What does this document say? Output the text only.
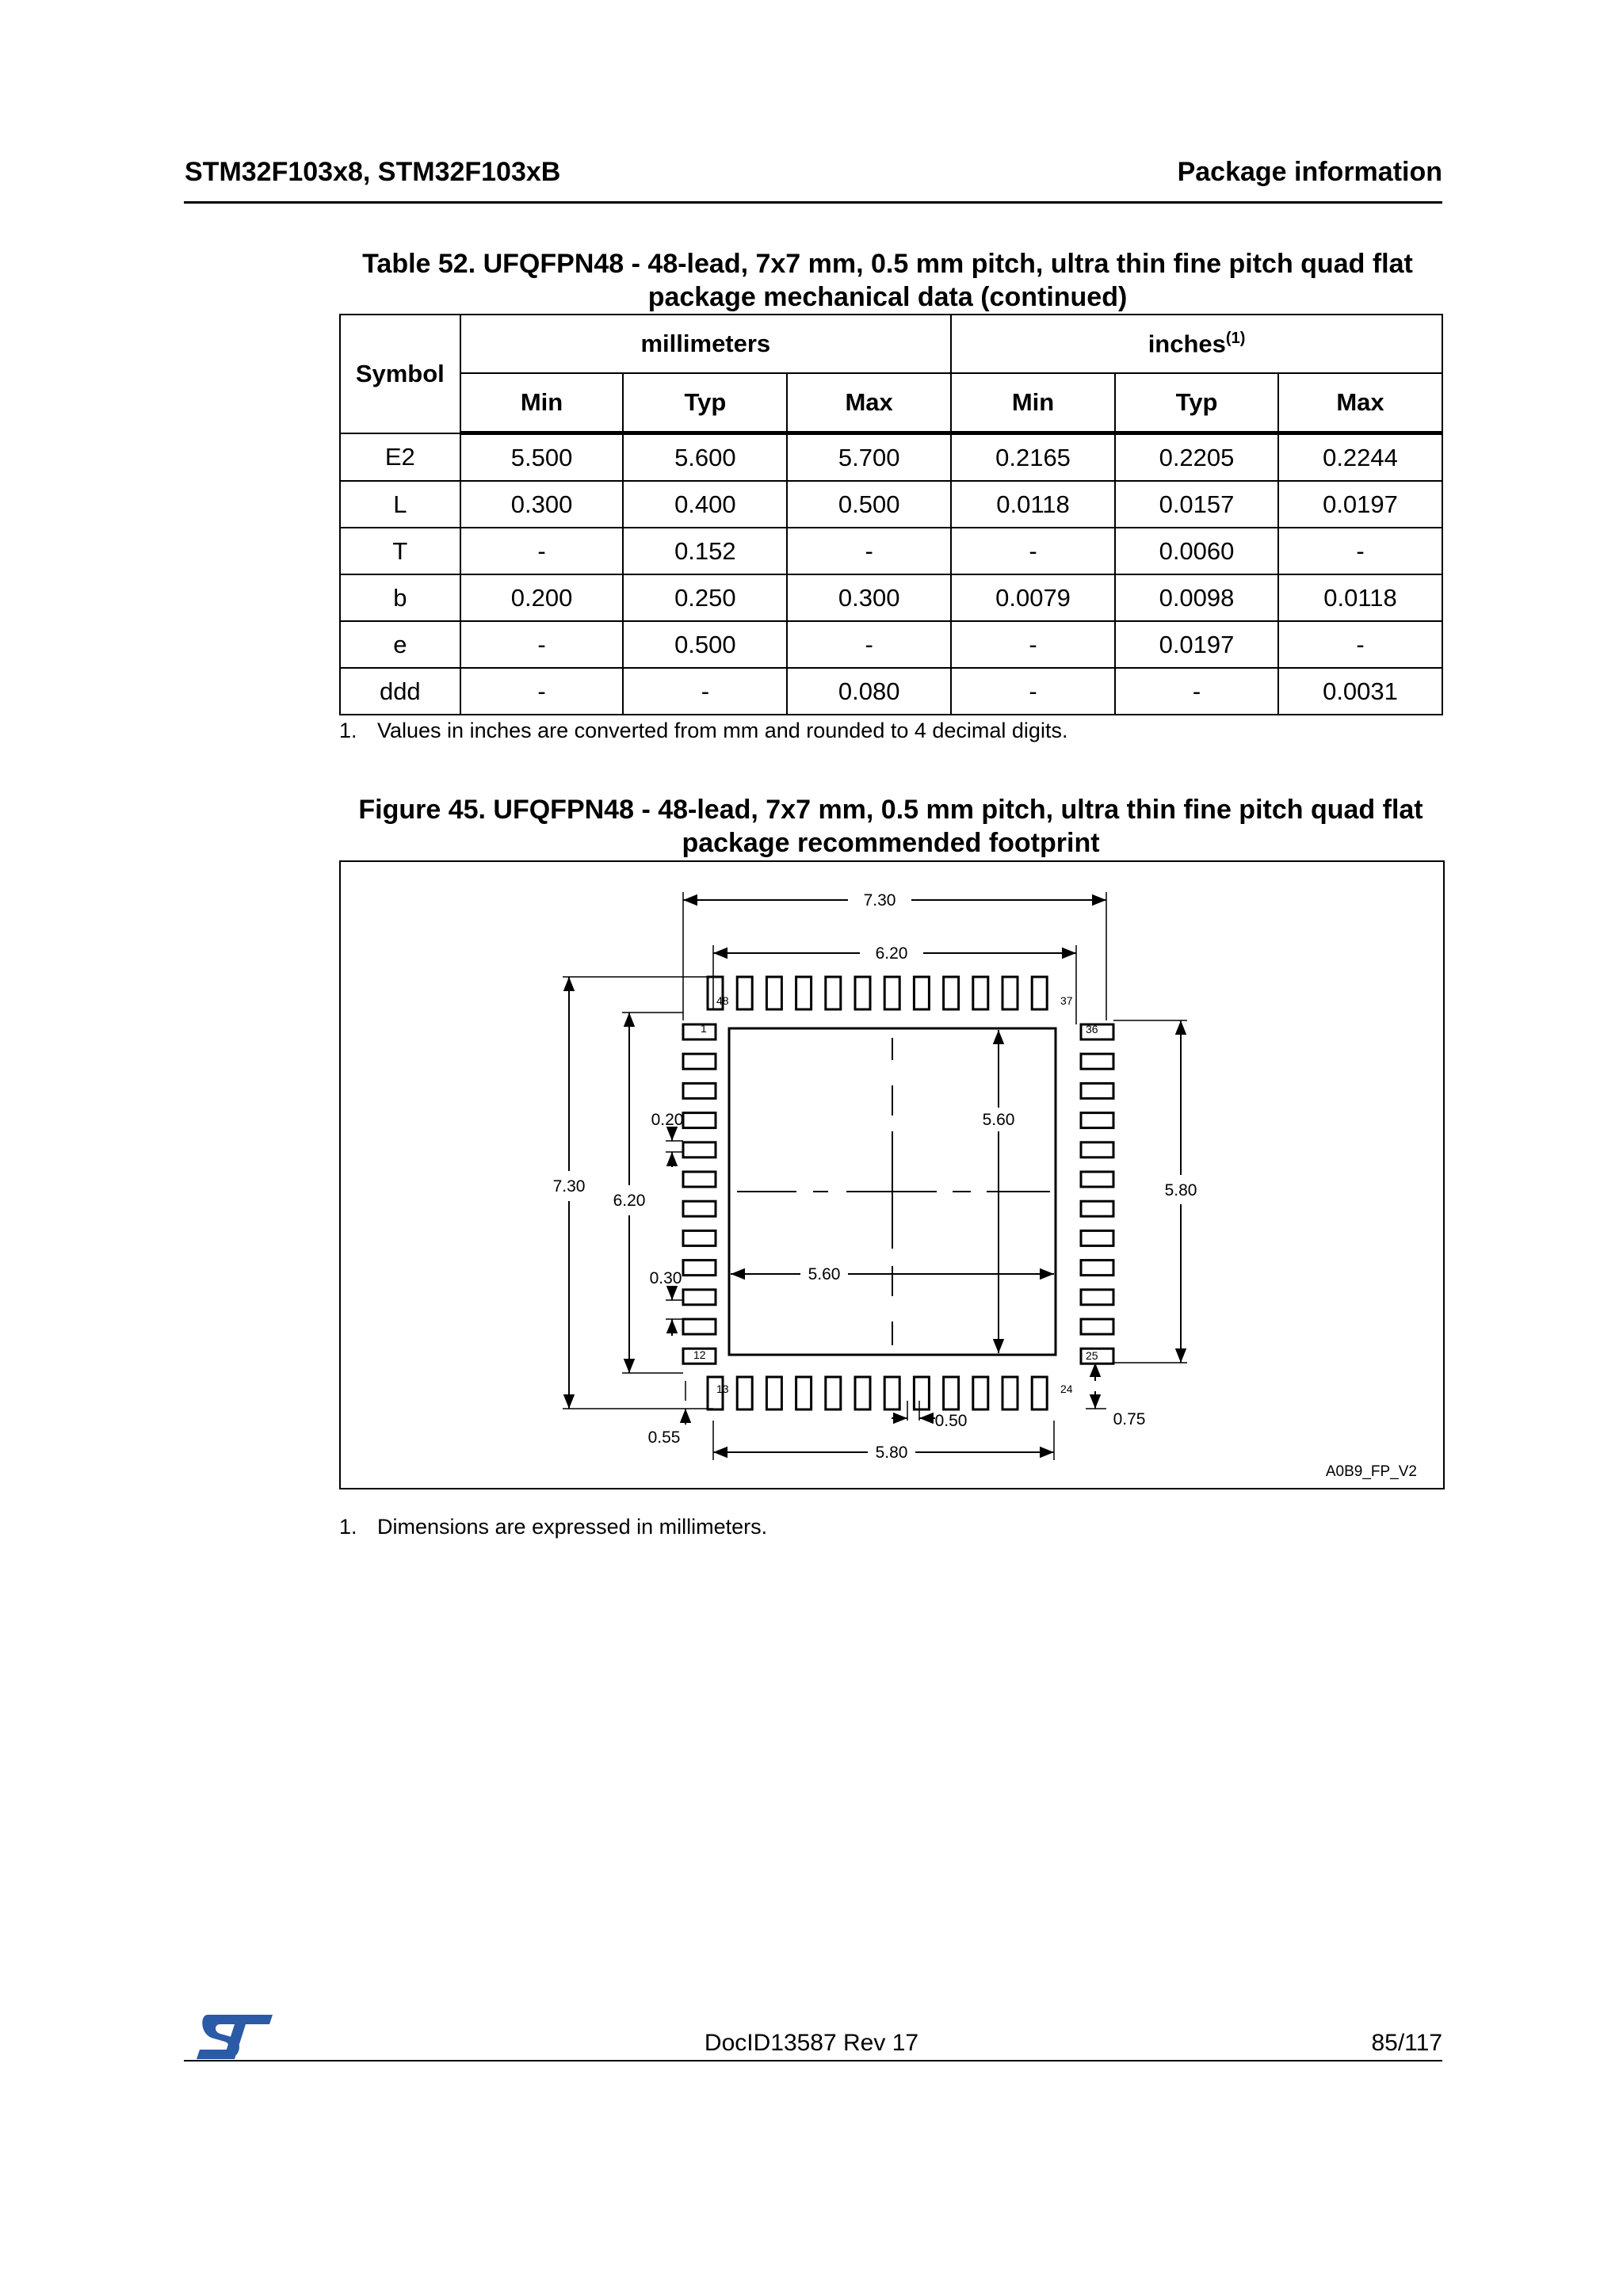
STM32F103x8, STM32F103xB	Package information
Table 52. UFQFPN48 - 48-lead, 7x7 mm, 0.5 mm pitch, ultra thin fine pitch quad flat
package mechanical data (continued)
Symbol	millimeters			inches$^{(1)}$
	Min	Typ	Max	Min	Typ	Max
E2	5.500	5.600	5.700	0.2165	0.2205	0.2244
L	0.300	0.400	0.500	0.0118	0.0157	0.0197
T	-	0.152	-	-	0.0060	-
b	0.200	0.250	0.300	0.0079	0.0098	0.0118
e	-	0.500	-	-	0.0197	-
ddd	-	-	0.080	-	-	0.0031
1. Values in inches are converted from mm and rounded to 4 decimal digits.
Figure 45. UFQFPN48 - 48-lead, 7x7 mm, 0.5 mm pitch, ultra thin fine pitch quad flat
package recommended footprint
7.30
6.20
7.30
6.20
0.20
0.30
5.60
5.60
5.80
5.80
0.50
0.55
0.75
48	37
1	36
12	25
13	24
A0B9_FP_V2
1. Dimensions are expressed in millimeters.
DocID13587 Rev 17	85/117
